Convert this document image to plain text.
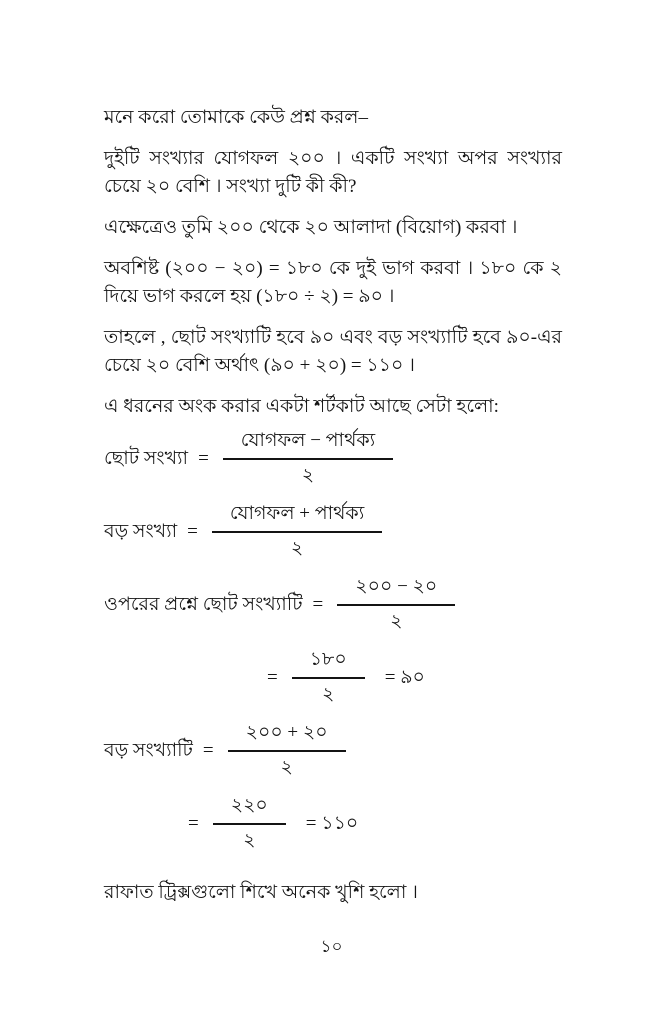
মনে করো তোমাকে কেউ প্রশ্ন করল–

দুইটি সংখ্যার যোগফল ২০০ । একটি সংখ্যা অপর সংখ্যার চেয়ে ২০ বেশি । সংখ্যা দুটি কী কী?

এক্ষেত্রেও তুমি ২০০ থেকে ২০ আলাদা (বিয়োগ) করবা ।

অবশিষ্ট (২০০ − ২০) = ১৮০ কে দুই ভাগ করবা । ১৮০ কে ২ দিয়ে ভাগ করলে হয় (১৮০ ÷ ২) = ৯০ ।

তাহলে , ছোট সংখ্যাটি হবে ৯০ এবং বড় সংখ্যাটি হবে ৯০-এর চেয়ে ২০ বেশি অর্থাৎ (৯০ + ২০) = ১১০ ।

এ ধরনের অংক করার একটা শর্টকাট আছে সেটা হলো:

ছোট সংখ্যা = $\frac{\text{যোগফল − পার্থক্য}}{২}$
বড় সংখ্যা = $\frac{\text{যোগফল + পার্থক্য}}{২}$
ওপরের প্রশ্নে ছোট সংখ্যাটি = $\frac{২০০ - ২০}{২}$
= $\frac{১৮০}{২}$ = ৯০
বড় সংখ্যাটি = $\frac{২০০ + ২০}{২}$
= $\frac{২২০}{২}$ = ১১০

রাফাত ট্রিক্সগুলো শিখে অনেক খুশি হলো ।

১০
